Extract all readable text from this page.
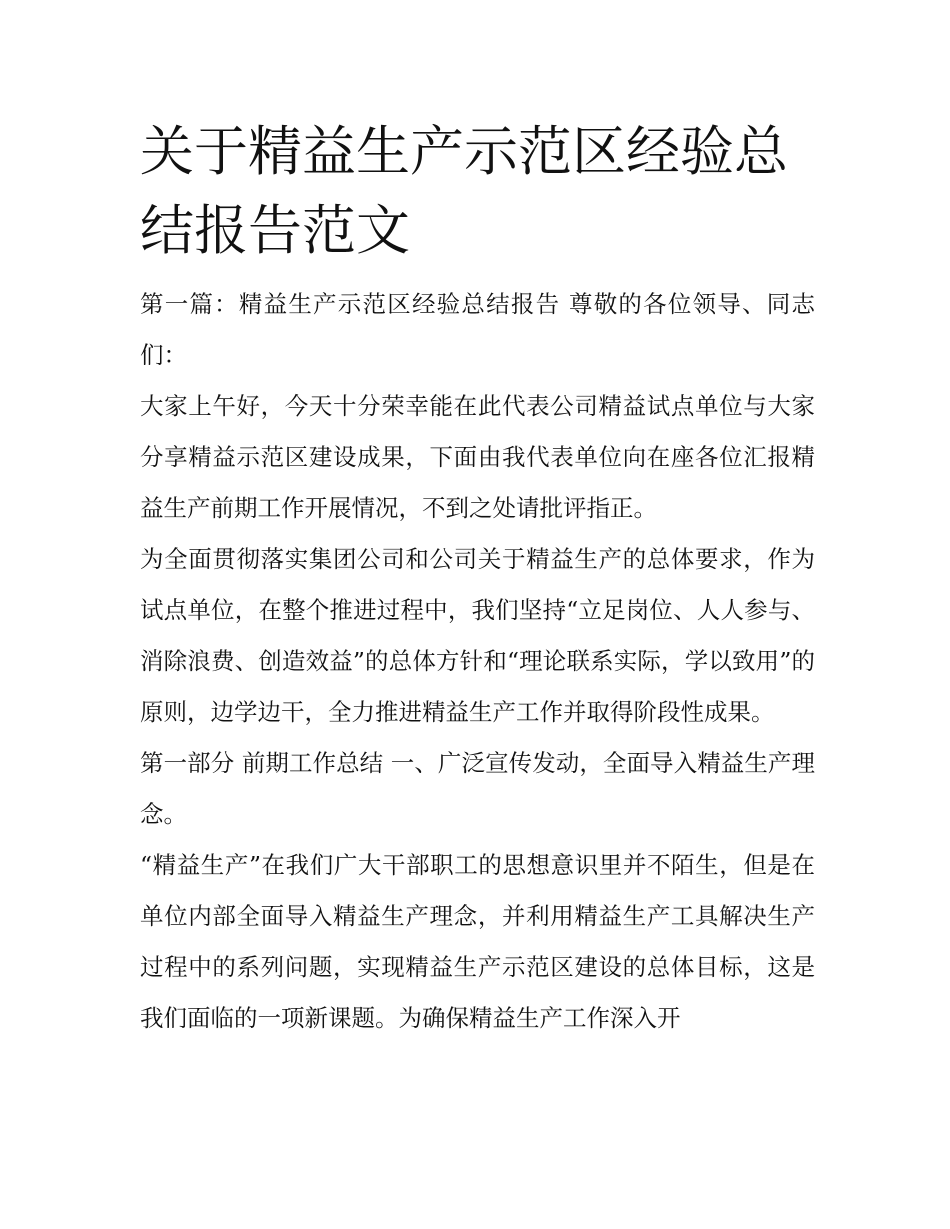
关于精益生产示范区经验总结报告范文

第一篇：精益生产示范区经验总结报告 尊敬的各位领导、同志们：

大家上午好，今天十分荣幸能在此代表公司精益试点单位与大家分享精益示范区建设成果，下面由我代表单位向在座各位汇报精益生产前期工作开展情况，不到之处请批评指正。

为全面贯彻落实集团公司和公司关于精益生产的总体要求，作为试点单位，在整个推进过程中，我们坚持“立足岗位、人人参与、消除浪费、创造效益”的总体方针和“理论联系实际，学以致用”的原则，边学边干，全力推进精益生产工作并取得阶段性成果。

第一部分 前期工作总结 一、广泛宣传发动，全面导入精益生产理念。

“精益生产”在我们广大干部职工的思想意识里并不陌生，但是在单位内部全面导入精益生产理念，并利用精益生产工具解决生产过程中的系列问题，实现精益生产示范区建设的总体目标，这是我们面临的一项新课题。为确保精益生产工作深入开
